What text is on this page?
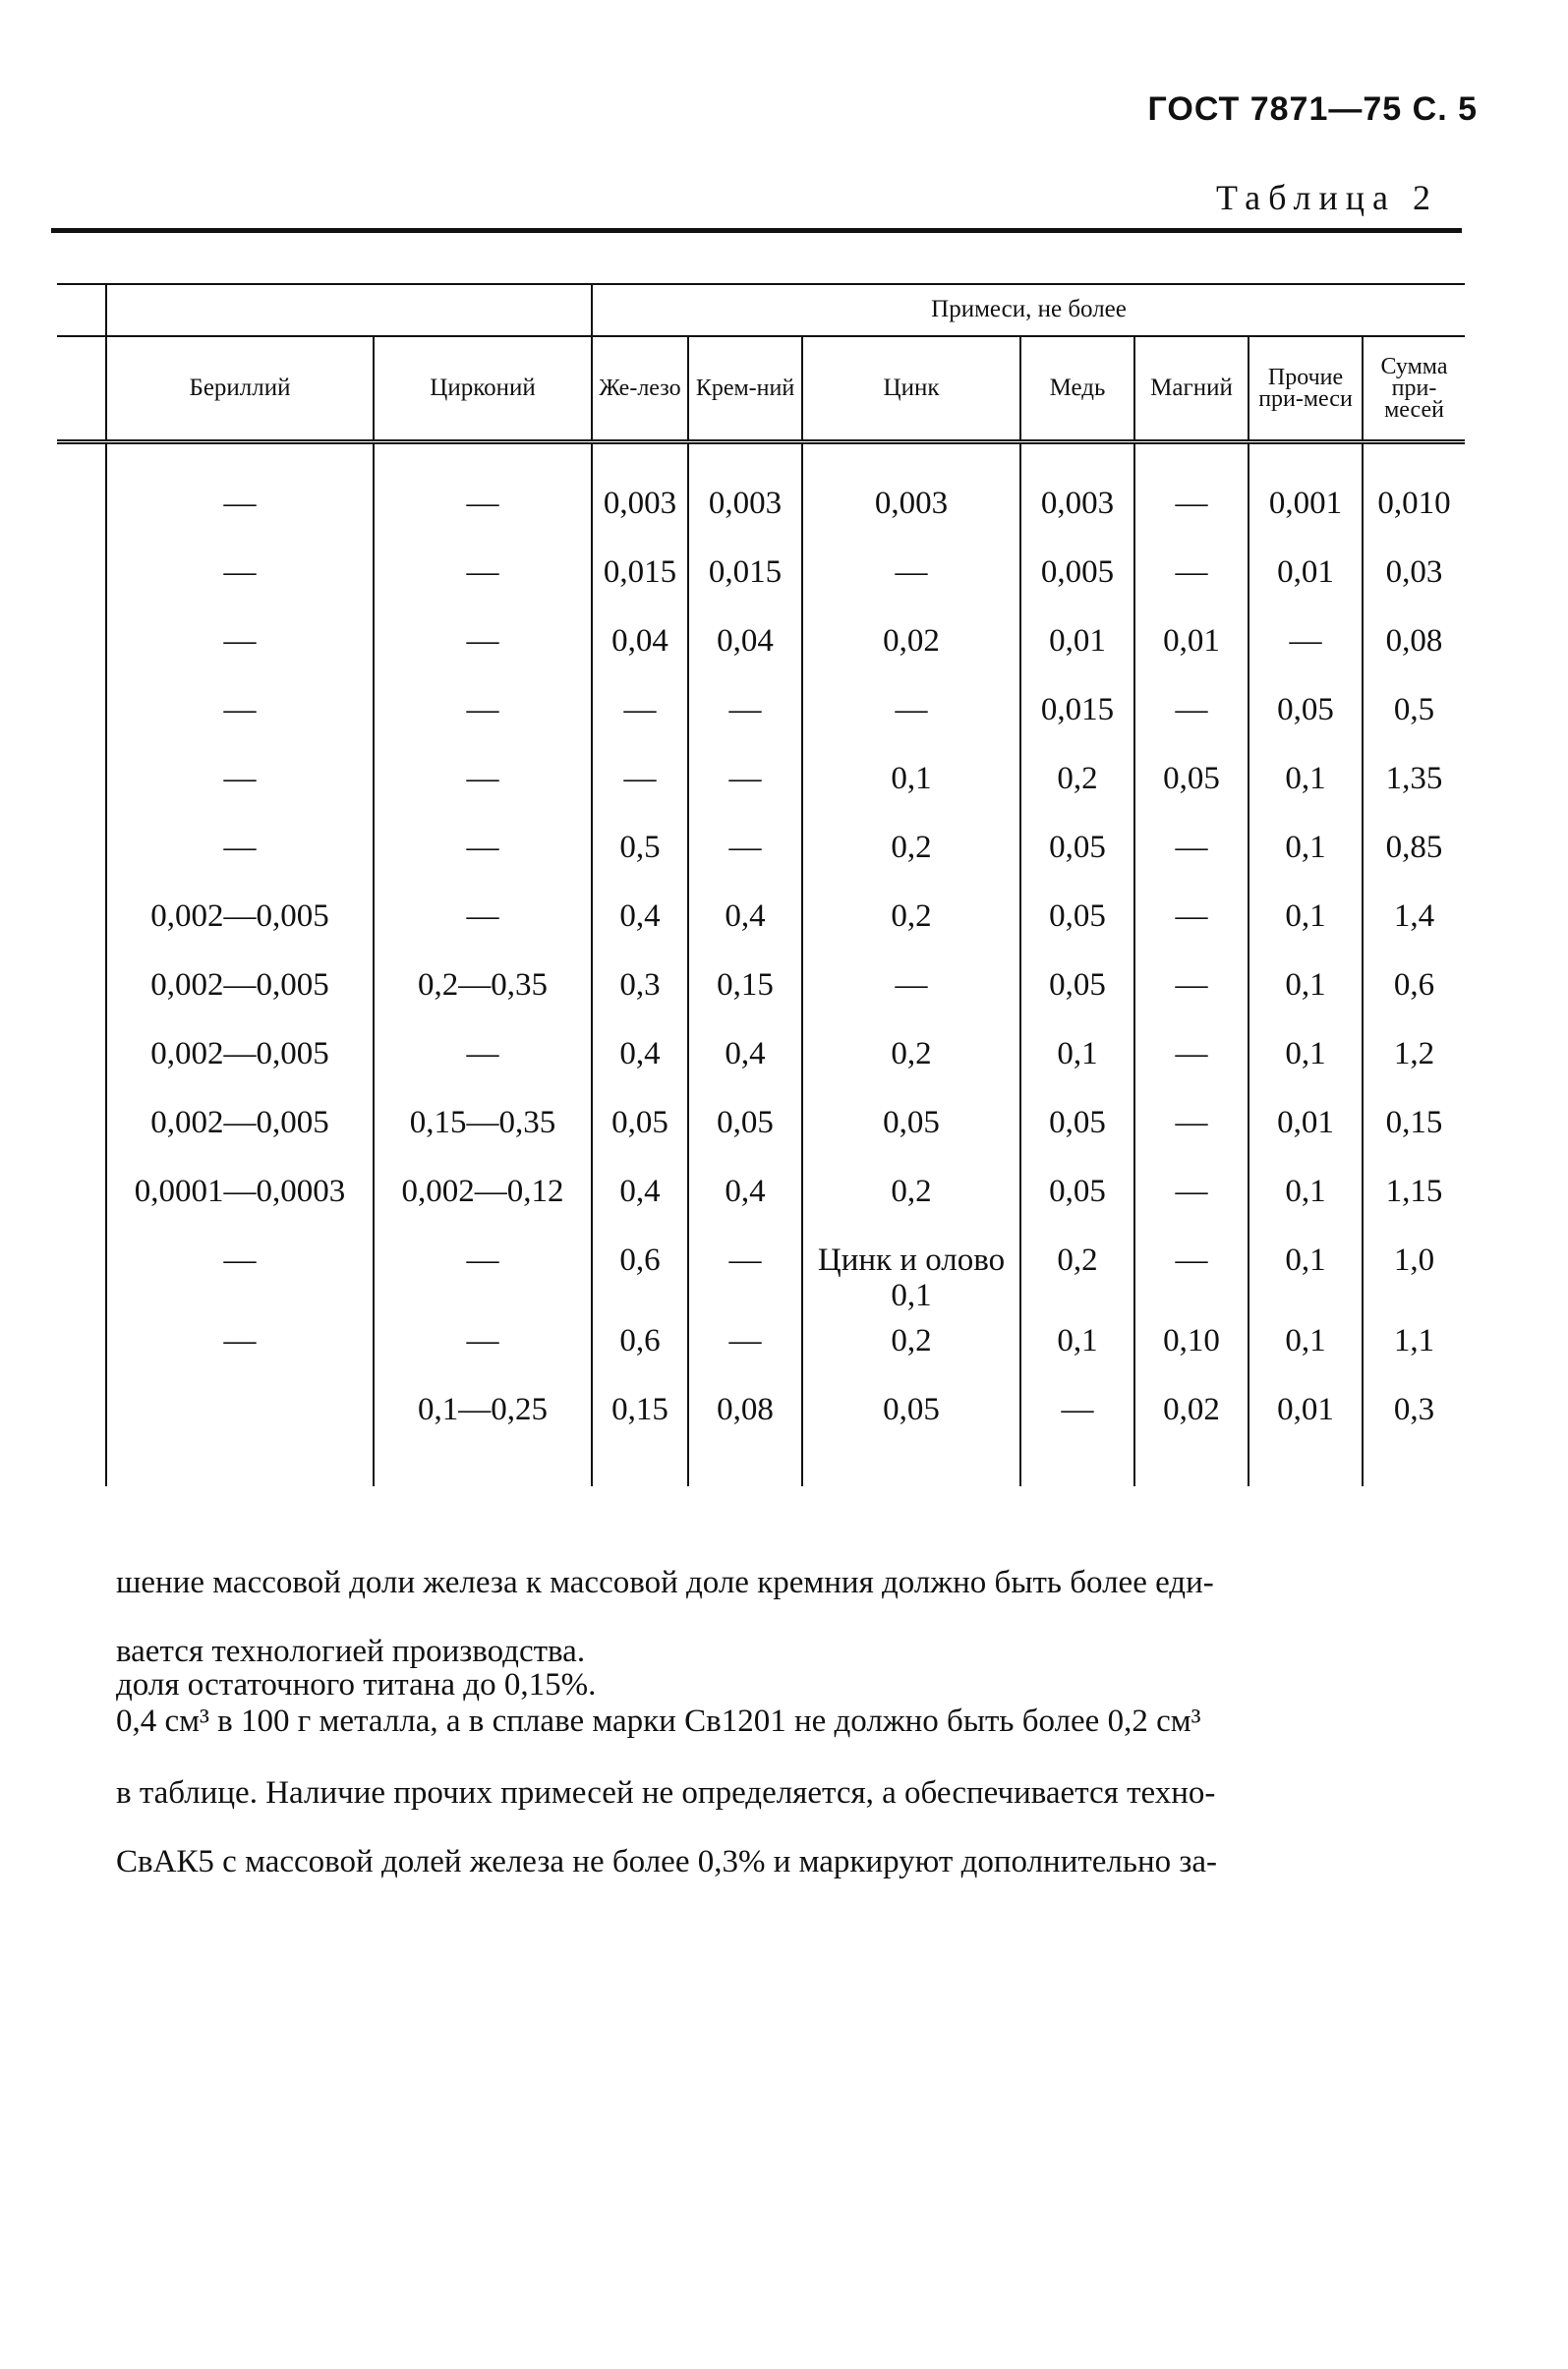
ГОСТ 7871—75 С. 5
Таблица 2
			Примеси, не более						
	Бериллий	Цирконий	Же-лезо	Крем-ний	Цинк	Медь	Магний	Прочие при-меси	Сумма при-месей
	—	—	0,003	0,003	0,003	0,003	—	0,001	0,010
	—	—	0,015	0,015	—	0,005	—	0,01	0,03
	—	—	0,04	0,04	0,02	0,01	0,01	—	0,08
	—	—	—	—	—	0,015	—	0,05	0,5
	—	—	—	—	0,1	0,2	0,05	0,1	1,35
	—	—	0,5	—	0,2	0,05	—	0,1	0,85
	0,002—0,005	—	0,4	0,4	0,2	0,05	—	0,1	1,4
	0,002—0,005	0,2—0,35	0,3	0,15	—	0,05	—	0,1	0,6
	0,002—0,005	—	0,4	0,4	0,2	0,1	—	0,1	1,2
	0,002—0,005	0,15—0,35	0,05	0,05	0,05	0,05	—	0,01	0,15
	0,0001—0,0003	0,002—0,12	0,4	0,4	0,2	0,05	—	0,1	1,15
	—	—	0,6	—	Цинк и олово 0,1	0,2	—	0,1	1,0
	—	—	0,6	—	0,2	0,1	0,10	0,1	1,1
		0,1—0,25	0,15	0,08	0,05	—	0,02	0,01	0,3
шение массовой доли железа к массовой доле кремния должно быть более еди-
вается технологией производства.
доля остаточного титана до 0,15%.
0,4 см³ в 100 г металла, а в сплаве марки Св1201 не должно быть более 0,2 см³
в таблице. Наличие прочих примесей не определяется, а обеспечивается техно-
СвАК5 с массовой долей железа не более 0,3% и маркируют дополнительно за-
